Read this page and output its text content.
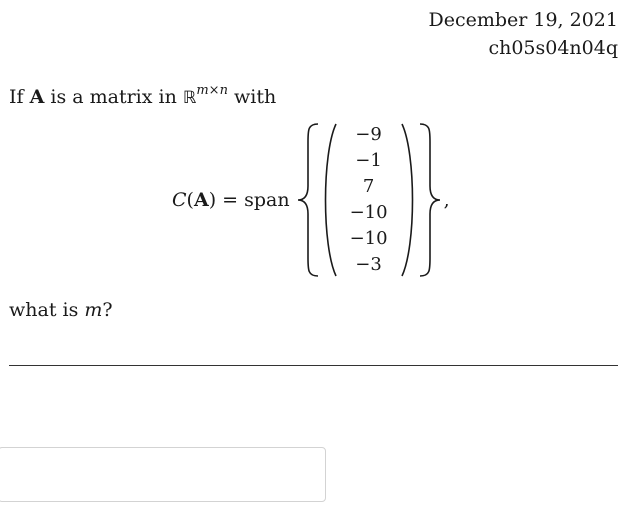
December 19, 2021
ch05s04n04q
If A is a matrix in ℝ$^{m\times n}$ with
C(A) = span
−9
−1
7
−10
−10
−3
,
what is m?
